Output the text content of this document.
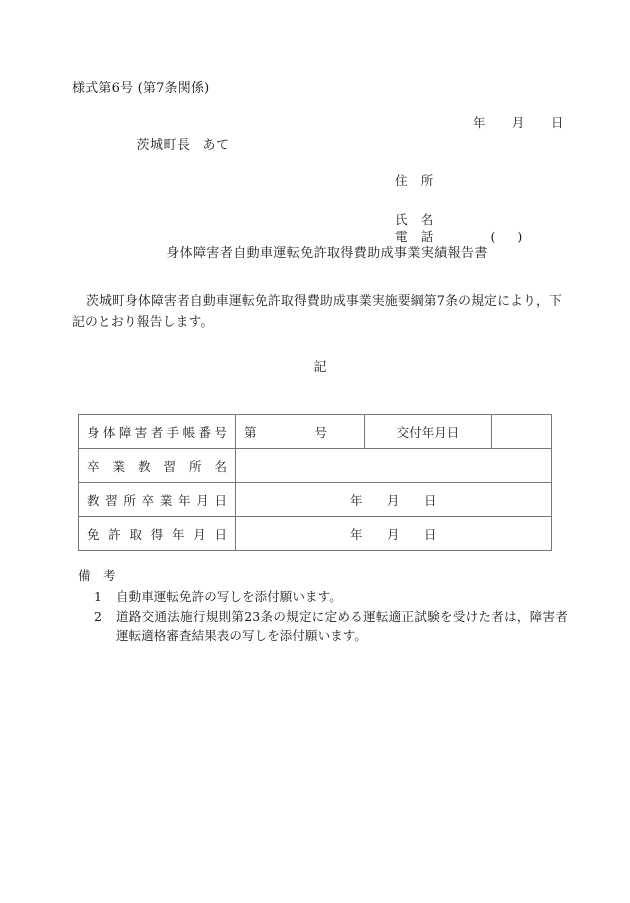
様式第6号 (第7条関係)

年 月 日

茨城町長 あて

住　所

氏　名

電　話	( )

身体障害者自動車運転免許取得費助成事業実績報告書
茨城町身体障害者自動車運転免許取得費助成事業実施要綱第7条の規定により，下記のとおり報告します。
記
身体障害者手帳番号	第 号	交付年月日	
卒業教習所名			
教習所卒業年月日	年 月 日		
免許取得年月日	年 月 日		
備　考
1	自動車運転免許の写しを添付願います。
2	道路交通法施行規則第23条の規定に定める運転適正試験を受けた者は，障害者運転適格審査結果表の写しを添付願います。
